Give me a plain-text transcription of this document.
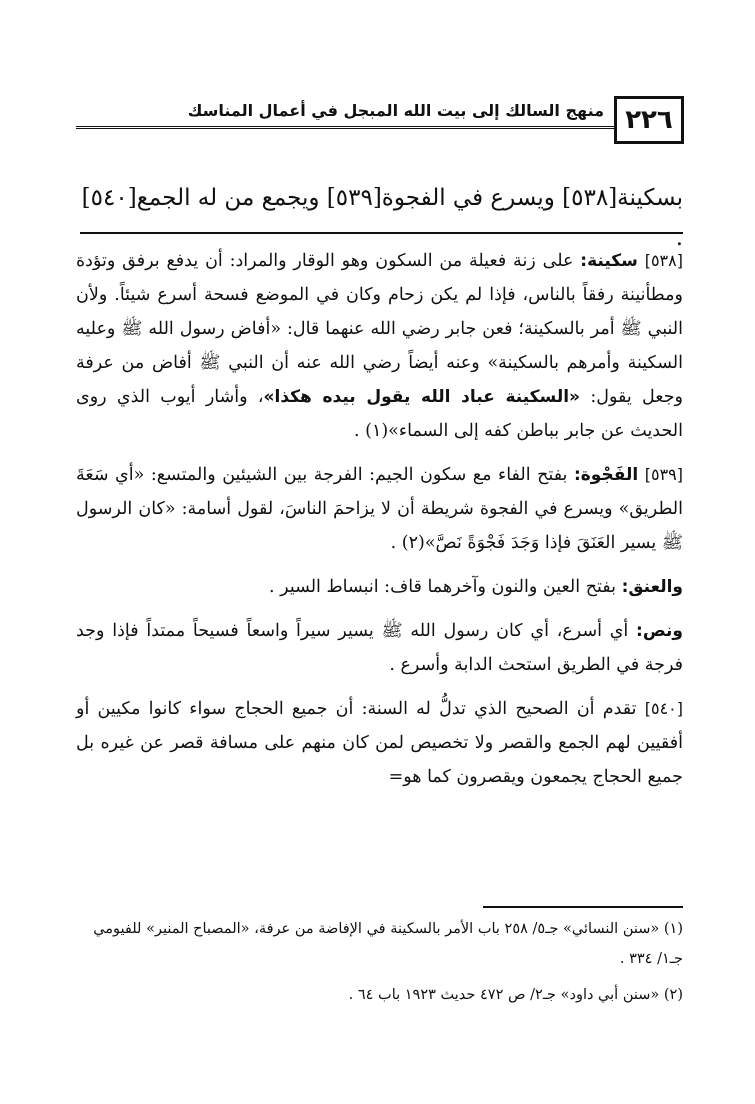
٢٢٦
منهج السالك إلى بيت الله المبجل في أعمال المناسك
بسكينة[٥٣٨] ويسرع في الفجوة[٥٣٩] ويجمع من له الجمع[٥٤٠] .

[٥٣٨] سكينة: على زنة فعيلة من السكون وهو الوقار والمراد: أن يدفع برفق وتؤدة ومطأنينة رفقاً بالناس، فإذا لم يكن زحام وكان في الموضع فسحة أسرع شيئاً. ولأن النبي ﷺ أمر بالسكينة؛ فعن جابر رضي الله عنهما قال: «أفاض رسول الله ﷺ وعليه السكينة وأمرهم بالسكينة» وعنه أيضاً رضي الله عنه أن النبي ﷺ أفاض من عرفة وجعل يقول: «السكينة عباد الله يقول بيده هكذا»، وأشار أيوب الذي روى الحديث عن جابر بباطن كفه إلى السماء»(١) .

[٥٣٩] الفَجْوة: بفتح الفاء مع سكون الجيم: الفرجة بين الشيئين والمتسع: «أي سَعَةَ الطريق» ويسرع في الفجوة شريطة أن لا يزاحمَ الناسَ، لقول أسامة: «كان الرسول ﷺ يسير العَنَقَ فإذا وَجَدَ فَجْوَةً نَصَّ»(٢) .

والعنق: بفتح العين والنون وآخرهما قاف: انبساط السير .

ونص: أي أسرع، أي كان رسول الله ﷺ يسير سيراً واسعاً فسيحاً ممتداً فإذا وجد فرجة في الطريق استحث الدابة وأسرع .

[٥٤٠] تقدم أن الصحيح الذي تدلُّ له السنة: أن جميع الحجاج سواء كانوا مكيين أو أفقيين لهم الجمع والقصر ولا تخصيص لمن كان منهم على مسافة قصر عن غيره بل جميع الحجاج يجمعون ويقصرون كما هو=

(١) «سنن النسائي» جـ٥/ ٢٥٨ باب الأمر بالسكينة في الإفاضة من عرفة، «المصباح المنير» للفيومي جـ١/ ٣٣٤ .

(٢) «سنن أبي داود» جـ٢/ ص ٤٧٢ حديث ١٩٢٣ باب ٦٤ .
